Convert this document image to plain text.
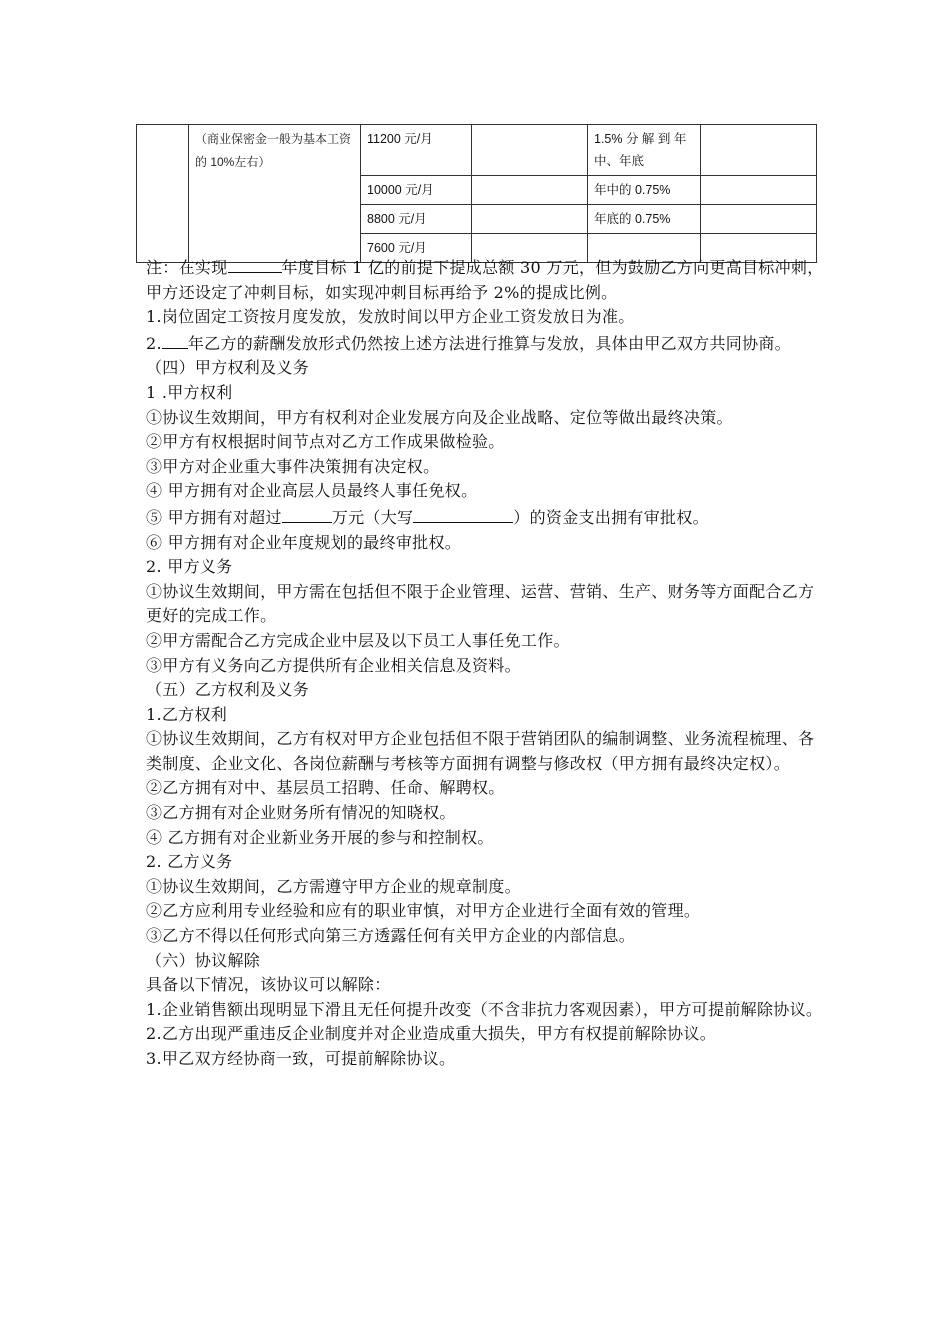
	（商业保密金一般为基本工资的 10%左右）	11200 元/月		1.5% 分 解 到 年中、年底	
		10000 元/月		年中的 0.75%	
		8800 元/月		年底的 0.75%	
		7600 元/月			

注：在实现	年度目标 1 亿的前提下提成总额 30 万元，但为鼓励乙方向更高目标冲刺，甲方还设定了冲刺目标，如实现冲刺目标再给予 2%的提成比例。

1.岗位固定工资按月度发放，发放时间以甲方企业工资发放日为准。

2. 年乙方的薪酬发放形式仍然按上述方法进行推算与发放，具体由甲乙双方共同协商。

（四）甲方权利及义务

1 .甲方权利

①协议生效期间，甲方有权利对企业发展方向及企业战略、定位等做出最终决策。

②甲方有权根据时间节点对乙方工作成果做检验。

③甲方对企业重大事件决策拥有决定权。

④ 甲方拥有对企业高层人员最终人事任免权。

⑤ 甲方拥有对超过	万元（大写	）的资金支出拥有审批权。

⑥ 甲方拥有对企业年度规划的最终审批权。

2. 甲方义务

①协议生效期间，甲方需在包括但不限于企业管理、运营、营销、生产、财务等方面配合乙方更好的完成工作。

②甲方需配合乙方完成企业中层及以下员工人事任免工作。

③甲方有义务向乙方提供所有企业相关信息及资料。

（五）乙方权利及义务

1.乙方权利

①协议生效期间，乙方有权对甲方企业包括但不限于营销团队的编制调整、业务流程梳理、各类制度、企业文化、各岗位薪酬与考核等方面拥有调整与修改权（甲方拥有最终决定权）。

②乙方拥有对中、基层员工招聘、任命、解聘权。

③乙方拥有对企业财务所有情况的知晓权。

④ 乙方拥有对企业新业务开展的参与和控制权。

2. 乙方义务

①协议生效期间，乙方需遵守甲方企业的规章制度。

②乙方应利用专业经验和应有的职业审慎，对甲方企业进行全面有效的管理。

③乙方不得以任何形式向第三方透露任何有关甲方企业的内部信息。

（六）协议解除

具备以下情况，该协议可以解除：

1.企业销售额出现明显下滑且无任何提升改变（不含非抗力客观因素），甲方可提前解除协议。

2.乙方出现严重违反企业制度并对企业造成重大损失，甲方有权提前解除协议。

3.甲乙双方经协商一致，可提前解除协议。
